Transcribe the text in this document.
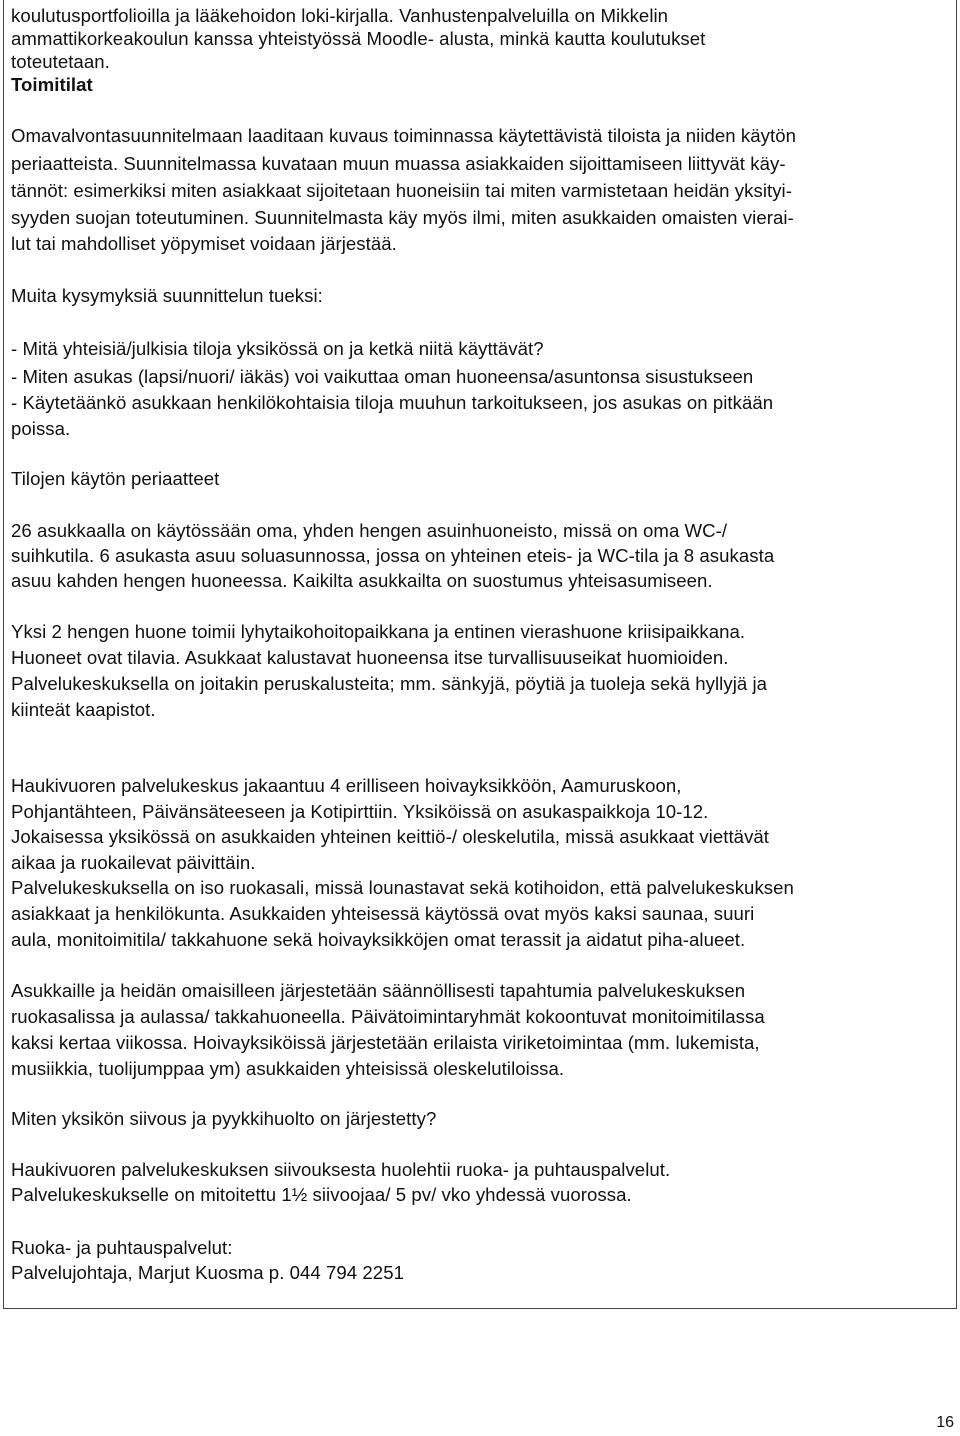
koulutusportfolioilla ja lääkehoidon loki-kirjalla. Vanhustenpalveluilla on Mikkelin
ammattikorkeakoulun kanssa yhteistyössä Moodle- alusta, minkä kautta koulutukset
toteutetaan.
Toimitilat
Omavalvontasuunnitelmaan laaditaan kuvaus toiminnassa käytettävistä tiloista ja niiden käytön
periaatteista. Suunnitelmassa kuvataan muun muassa asiakkaiden sijoittamiseen liittyvät käy-
tännöt: esimerkiksi miten asiakkaat sijoitetaan huoneisiin tai miten varmistetaan heidän yksityi-
syyden suojan toteutuminen. Suunnitelmasta käy myös ilmi, miten asukkaiden omaisten vierai-
lut tai mahdolliset yöpymiset voidaan järjestää.
Muita kysymyksiä suunnittelun tueksi:
- Mitä yhteisiä/julkisia tiloja yksikössä on ja ketkä niitä käyttävät?
- Miten asukas (lapsi/nuori/ iäkäs) voi vaikuttaa oman huoneensa/asuntonsa sisustukseen
- Käytetäänkö asukkaan henkilökohtaisia tiloja muuhun tarkoitukseen, jos asukas on pitkään
poissa.
Tilojen käytön periaatteet
26 asukkaalla on käytössään oma, yhden hengen asuinhuoneisto, missä on oma WC-/
suihkutila. 6 asukasta asuu soluasunnossa, jossa on yhteinen eteis- ja WC-tila ja 8 asukasta
asuu kahden hengen huoneessa. Kaikilta asukkailta on suostumus yhteisasumiseen.
Yksi 2 hengen huone toimii lyhytaikohoitopaikkana ja entinen vierashuone kriisipaikkana.
Huoneet ovat tilavia. Asukkaat kalustavat huoneensa itse turvallisuuseikat huomioiden.
Palvelukeskuksella on joitakin peruskalusteita; mm. sänkyjä, pöytiä ja tuoleja sekä hyllyjä ja
kiinteät kaapistot.
Haukivuoren palvelukeskus jakaantuu 4 erilliseen hoivayksikköön, Aamuruskoon,
Pohjantähteen, Päivänsäteeseen ja Kotipirttiin. Yksiköissä on asukaspaikkoja 10-12.
Jokaisessa yksikössä on asukkaiden yhteinen keittiö-/ oleskelutila, missä asukkaat viettävät
aikaa ja ruokailevat päivittäin.
Palvelukeskuksella on iso ruokasali, missä lounastavat sekä kotihoidon, että palvelukeskuksen
asiakkaat ja henkilökunta. Asukkaiden yhteisessä käytössä ovat myös kaksi saunaa, suuri
aula, monitoimitila/ takkahuone sekä hoivayksikköjen omat terassit ja aidatut piha-alueet.
Asukkaille ja heidän omaisilleen järjestetään säännöllisesti tapahtumia palvelukeskuksen
ruokasalissa ja aulassa/ takkahuoneella. Päivätoimintaryhmät kokoontuvat monitoimitilassa
kaksi kertaa viikossa. Hoivayksiköissä järjestetään erilaista viriketoimintaa (mm. lukemista,
musiikkia, tuolijumppaa ym) asukkaiden yhteisissä oleskelutiloissa.
Miten yksikön siivous ja pyykkihuolto on järjestetty?
Haukivuoren palvelukeskuksen siivouksesta huolehtii ruoka- ja puhtauspalvelut.
Palvelukeskukselle on mitoitettu 1½ siivoojaa/ 5 pv/ vko yhdessä vuorossa.
Ruoka- ja puhtauspalvelut:
Palvelujohtaja, Marjut Kuosma p. 044 794 2251
16
